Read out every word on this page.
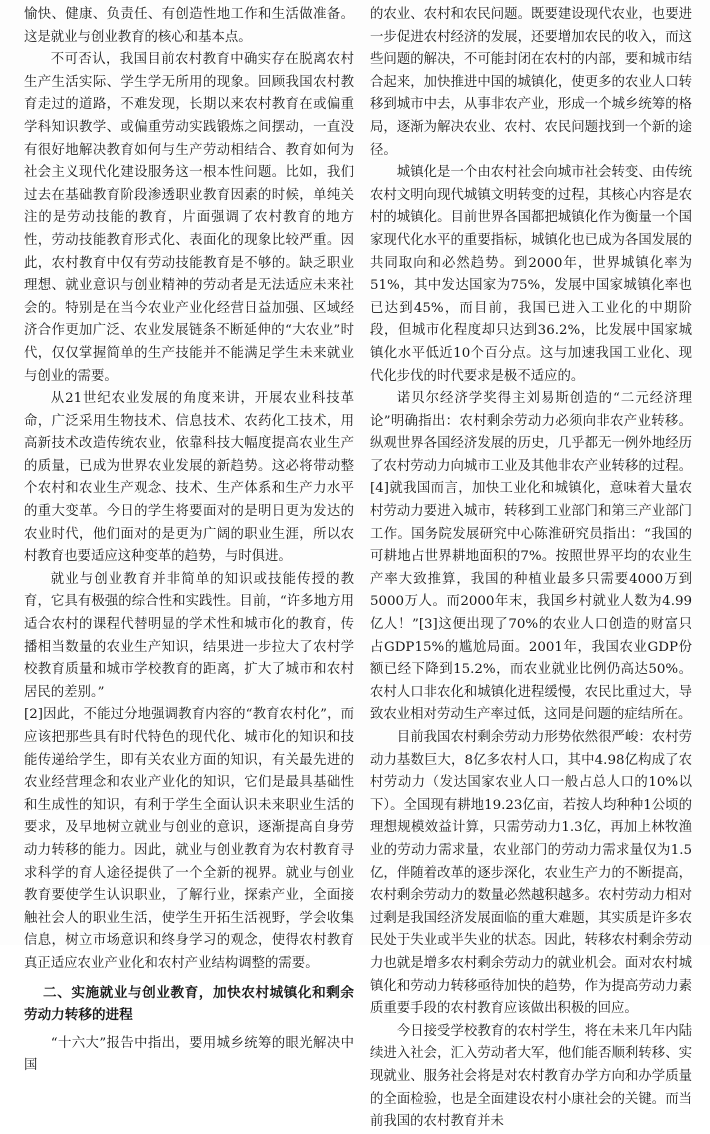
愉快、健康、负责任、有创造性地工作和生活做准备。这是就业与创业教育的核心和基本点。

不可否认，我国目前农村教育中确实存在脱离农村生产生活实际、学生学无所用的现象。回顾我国农村教育走过的道路，不难发现，长期以来农村教育在或偏重学科知识教学、或偏重劳动实践锻炼之间摆动，一直没有很好地解决教育如何与生产劳动相结合、教育如何为社会主义现代化建设服务这一根本性问题。比如，我们过去在基础教育阶段渗透职业教育因素的时候，单纯关注的是劳动技能的教育，片面强调了农村教育的地方性，劳动技能教育形式化、表面化的现象比较严重。因此，农村教育中仅有劳动技能教育是不够的。缺乏职业理想、就业意识与创业精神的劳动者是无法适应未来社会的。特别是在当今农业产业化经营日益加强、区域经济合作更加广泛、农业发展链条不断延伸的“大农业”时代，仅仅掌握简单的生产技能并不能满足学生未来就业与创业的需要。

从21世纪农业发展的角度来讲，开展农业科技革命，广泛采用生物技术、信息技术、农药化工技术，用高新技术改造传统农业，依靠科技大幅度提高农业生产的质量，已成为世界农业发展的新趋势。这必将带动整个农村和农业生产观念、技术、生产体系和生产力水平的重大变革。今日的学生将要面对的是明日更为发达的农业时代，他们面对的是更为广阔的职业生涯，所以农村教育也要适应这种变革的趋势，与时俱进。

就业与创业教育并非简单的知识或技能传授的教育，它具有极强的综合性和实践性。目前，“许多地方用适合农村的课程代替明显的学术性和城市化的教育，传播相当数量的农业生产知识，结果进一步拉大了农村学校教育质量和城市学校教育的距离，扩大了城市和农村居民的差别。”

[2]因此，不能过分地强调教育内容的“教育农村化”，而应该把那些具有时代特色的现代化、城市化的知识和技能传递给学生，即有关农业方面的知识，有关最先进的农业经营理念和农业产业化的知识，它们是最具基础性和生成性的知识，有利于学生全面认识未来职业生活的要求，及早地树立就业与创业的意识，逐渐提高自身劳动力转移的能力。因此，就业与创业教育为农村教育寻求科学的育人途径提供了一个全新的视界。就业与创业教育要使学生认识职业，了解行业，探索产业，全面接触社会人的职业生活，使学生开拓生活视野，学会收集信息，树立市场意识和终身学习的观念，使得农村教育真正适应农业产业化和农村产业结构调整的需要。

二、实施就业与创业教育，加快农村城镇化和剩余劳动力转移的进程

“十六大”报告中指出，要用城乡统筹的眼光解决中国

的农业、农村和农民问题。既要建设现代农业，也要进一步促进农村经济的发展，还要增加农民的收入，而这些问题的解决，不可能封闭在农村的内部，要和城市结合起来，加快推进中国的城镇化，使更多的农业人口转移到城市中去，从事非农产业，形成一个城乡统筹的格局，逐渐为解决农业、农村、农民问题找到一个新的途径。

城镇化是一个由农村社会向城市社会转变、由传统农村文明向现代城镇文明转变的过程，其核心内容是农村的城镇化。目前世界各国都把城镇化作为衡量一个国家现代化水平的重要指标，城镇化也已成为各国发展的共同取向和必然趋势。到2000年，世界城镇化率为51%，其中发达国家为75%，发展中国家城镇化率也已达到45%，而目前，我国已进入工业化的中期阶段，但城市化程度却只达到36.2%，比发展中国家城镇化水平低近10个百分点。这与加速我国工业化、现代化步伐的时代要求是极不适应的。

诺贝尔经济学奖得主刘易斯创造的“二元经济理论”明确指出：农村剩余劳动力必须向非农产业转移。纵观世界各国经济发展的历史，几乎都无一例外地经历了农村劳动力向城市工业及其他非农产业转移的过程。[4]就我国而言，加快工业化和城镇化，意味着大量农村劳动力要进入城市，转移到工业部门和第三产业部门工作。国务院发展研究中心陈淮研究员指出：“我国的可耕地占世界耕地面积的7%。按照世界平均的农业生产率大致推算，我国的种植业最多只需要4000万到5000万人。而2000年末，我国乡村就业人数为4.99亿人！”[3]这便出现了70%的农业人口创造的财富只占GDP15%的尴尬局面。2001年，我国农业GDP份额已经下降到15.2%，而农业就业比例仍高达50%。农村人口非农化和城镇化进程缓慢，农民比重过大，导致农业相对劳动生产率过低，这同是问题的症结所在。

目前我国农村剩余劳动力形势依然很严峻：农村劳动力基数巨大，8亿多农村人口，其中4.98亿构成了农村劳动力（发达国家农业人口一般占总人口的10%以下）。全国现有耕地19.23亿亩，若按人均种种1公顷的理想规模效益计算，只需劳动力1.3亿，再加上林牧渔业的劳动力需求量，农业部门的劳动力需求量仅为1.5亿，伴随着改革的逐步深化，农业生产力的不断提高，农村剩余劳动力的数量必然越积越多。农村劳动力相对过剩是我国经济发展面临的重大难题，其实质是许多农民处于失业或半失业的状态。因此，转移农村剩余劳动力也就是增多农村剩余劳动力的就业机会。面对农村城镇化和劳动力转移亟待加快的趋势，作为提高劳动力素质重要手段的农村教育应该做出积极的回应。

今日接受学校教育的农村学生，将在未来几年内陆续进入社会，汇入劳动者大军，他们能否顺利转移、实现就业、服务社会将是对农村教育办学方向和办学质量的全面检验，也是全面建设农村小康社会的关键。而当前我国的农村教育并未
